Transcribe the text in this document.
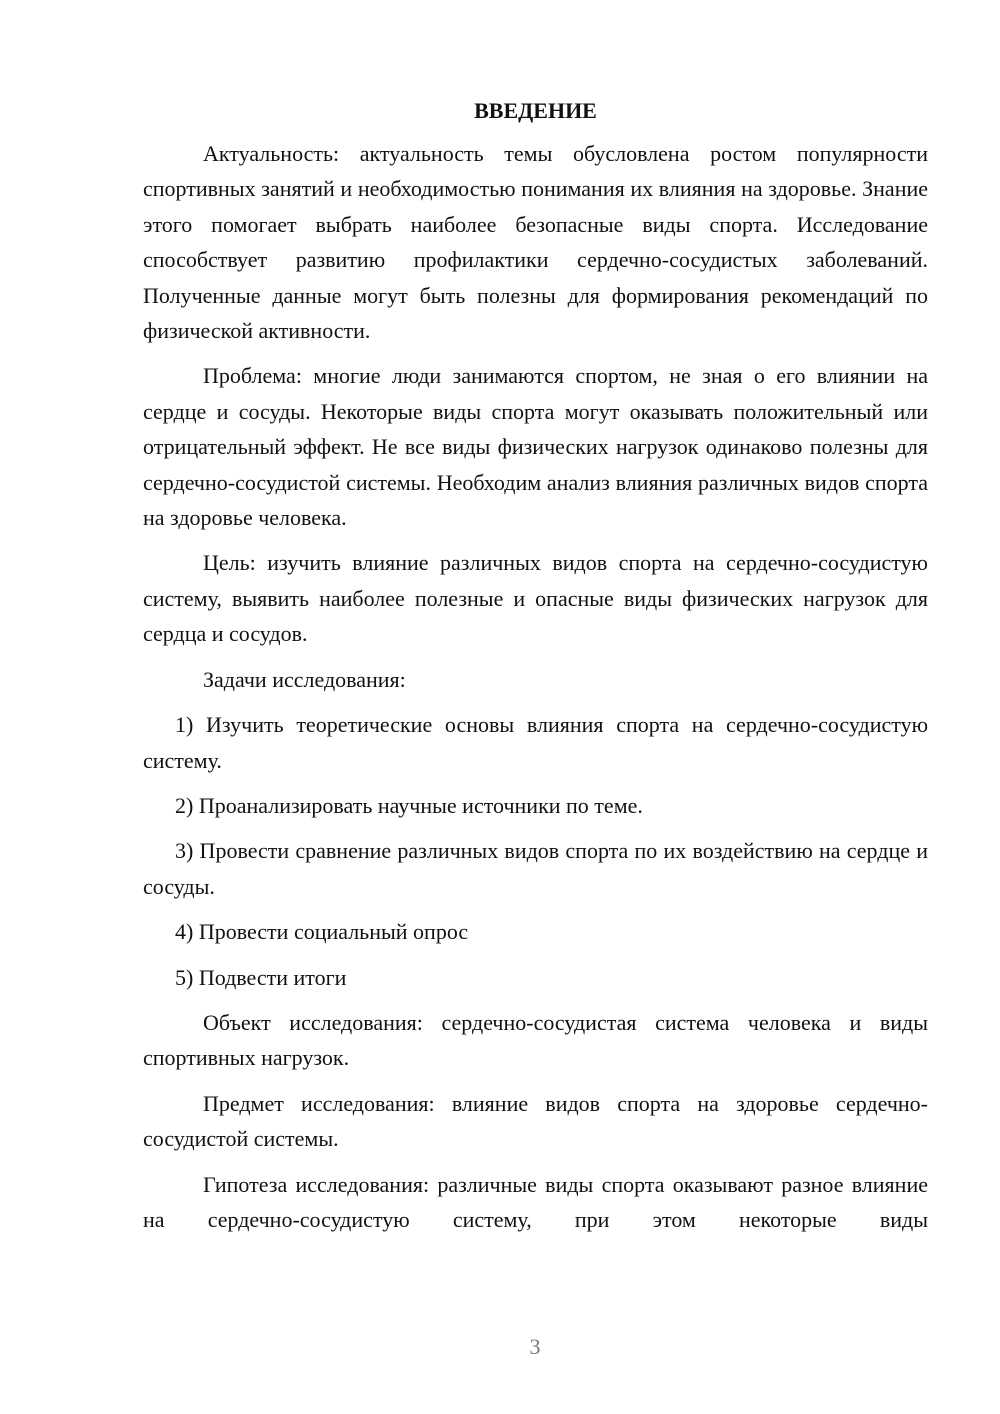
ВВЕДЕНИЕ

Актуальность: актуальность темы обусловлена ростом популярности спортивных занятий и необходимостью понимания их влияния на здоровье. Знание этого помогает выбрать наиболее безопасные виды спорта. Исследование способствует развитию профилактики сердечно-сосудистых заболеваний. Полученные данные могут быть полезны для формирования рекомендаций по физической активности.

Проблема: многие люди занимаются спортом, не зная о его влиянии на сердце и сосуды. Некоторые виды спорта могут оказывать положительный или отрицательный эффект. Не все виды физических нагрузок одинаково полезны для сердечно-сосудистой системы. Необходим анализ влияния различных видов спорта на здоровье человека.

Цель: изучить влияние различных видов спорта на сердечно-сосудистую систему, выявить наиболее полезные и опасные виды физических нагрузок для сердца и сосудов.

Задачи исследования:

1) Изучить теоретические основы влияния спорта на сердечно-сосудистую систему.

2) Проанализировать научные источники по теме.

3) Провести сравнение различных видов спорта по их воздействию на сердце и сосуды.

4) Провести социальный опрос

5) Подвести итоги

Объект исследования: сердечно-сосудистая система человека и виды спортивных нагрузок.

Предмет исследования: влияние видов спорта на здоровье сердечно-сосудистой системы.

Гипотеза исследования: различные виды спорта оказывают разное влияние на сердечно-сосудистую систему, при этом некоторые виды

3
